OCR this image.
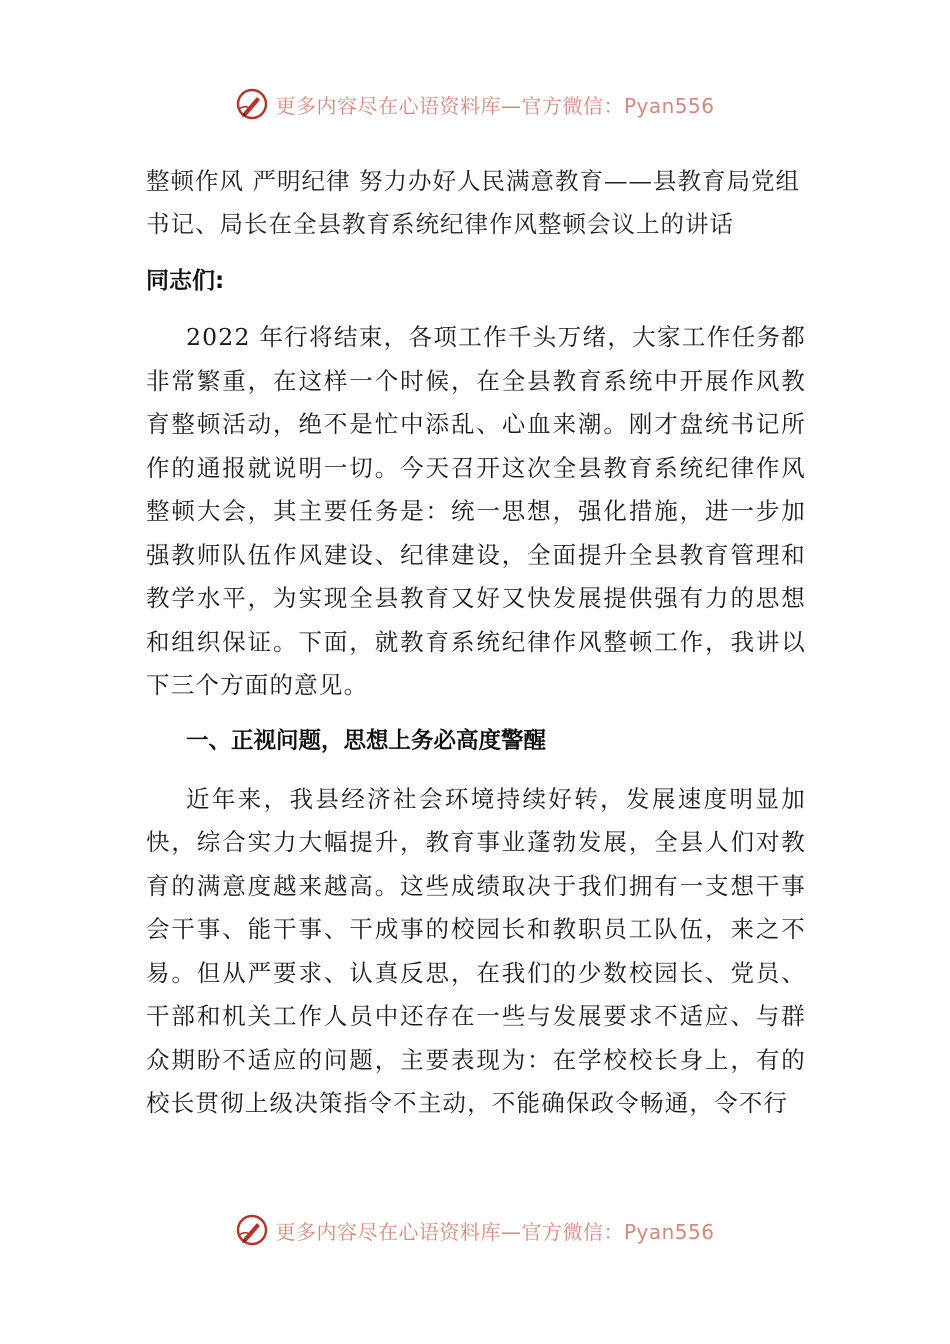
更多内容尽在心语资料库—官方微信：Pyan556

整顿作风 严明纪律 努力办好人民满意教育——县教育局党组书记、局长在全县教育系统纪律作风整顿会议上的讲话

同志们:

2022 年行将结束，各项工作千头万绪，大家工作任务都非常繁重，在这样一个时候，在全县教育系统中开展作风教育整顿活动，绝不是忙中添乱、心血来潮。刚才盘统书记所作的通报就说明一切。今天召开这次全县教育系统纪律作风整顿大会，其主要任务是：统一思想，强化措施，进一步加强教师队伍作风建设、纪律建设，全面提升全县教育管理和教学水平，为实现全县教育又好又快发展提供强有力的思想和组织保证。下面，就教育系统纪律作风整顿工作，我讲以下三个方面的意见。

一、正视问题，思想上务必高度警醒

近年来，我县经济社会环境持续好转，发展速度明显加快，综合实力大幅提升，教育事业蓬勃发展，全县人们对教育的满意度越来越高。这些成绩取决于我们拥有一支想干事会干事、能干事、干成事的校园长和教职员工队伍，来之不易。但从严要求、认真反思，在我们的少数校园长、党员、干部和机关工作人员中还存在一些与发展要求不适应、与群众期盼不适应的问题，主要表现为：在学校校长身上，有的校长贯彻上级决策指令不主动，不能确保政令畅通，令不行

更多内容尽在心语资料库—官方微信：Pyan556
